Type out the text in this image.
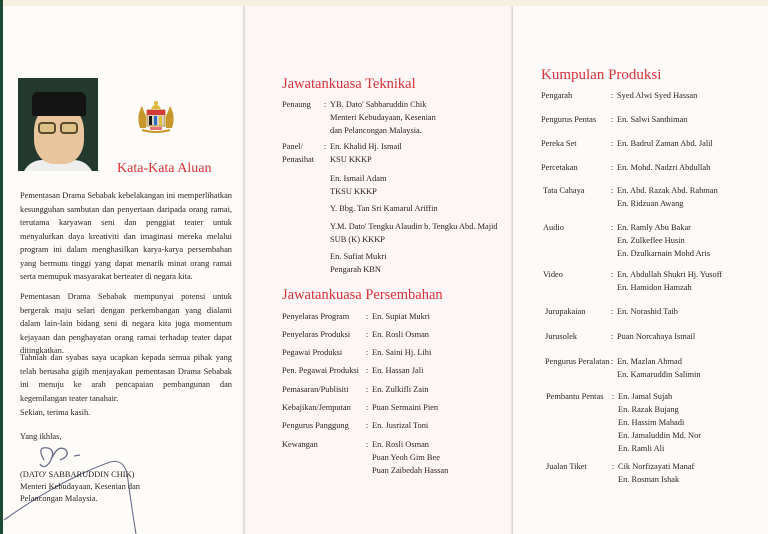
Kata-Kata Aluan
Pementasan Drama Sebabak kebelakangan ini memperlihatkan kesungguhan sambutan dan penyertaan daripada orang ramai, terutama karyawan seni dan penggiat teater untuk menyalurkan daya kreativiti dan imaginasi mereka melalui program ini dalam menghasilkan karya-karya persembahan yang bermutu tinggi yang dapat menarik minat orang ramai serta memupuk masyarakat berteater di negara kita.
Pementasan Drama Sebabak mempunyai potensi untuk bergerak maju selari dengan perkembangan yang dialami dalam lain-lain bidang seni di negara kita juga momentum kejayaan dan penghayatan orang ramai terhadap teater dapat ditingkatkan.
Tahniah dan syabas saya ucapkan kepada semua pihak yang telah berusaha gigih menjayakan pementasan Drama Sebabak ini menuju ke arah pencapaian pembangunan dan kegemilangan teater tanahair.
Sekian, terima kasih.
Yang ikhlas,
(DATO' SABBARUDDIN CHIK)
Menteri Kebudayaan, Kesenian dan
Pelancongan Malaysia.
Jawatankuasa Teknikal
Penaung	: YB. Dato' Sabbaruddin Chik
Menteri Kebudayaan, Kesenian
dan Pelancongan Malaysia.
Panel/
Penasihat
: En. Khalid Hj. Ismail
KSU KKKP
En. Ismail Adam
TKSU KKKP
Y. Bbg. Tan Sri Kamarul Ariffin
Y.M. Dato' Tengku Alaudin b. Tengku Abd. Majid
SUB (K) KKKP
En. Sufiat Mukri
Pengarah KBN
Jawatankuasa Persembahan
Penyelaras Program	: En. Supiat Mukri
Penyelaras Produksi	: En. Rosli Osman
Pegawai Produksi	: En. Saini Hj. Lihi
Pen. Pegawai Produksi : En. Hassan Jali
Pemasaran/Publisiti	: En. Zulkifli Zain
Kebajikan/Jemputan	: Puan Sermaini Pien
Pengurus Panggung	: En. Jusrizal Toni
Kewangan	: En. Rosli Osman
Puan Yeoh Gim Bee
Puan Zaibedah Hassan
Kumpulan Produksi
Pengarah	: Syed Alwi Syed Hassan
Pengurus Pentas	: En. Salwi Santhiman
Pereka Set	: En. Badrul Zaman Abd. Jalil
Percetakan	: En. Mohd. Nadzri Abdullah
Tata Cahaya	: En. Abd. Razak Abd. Rahman
En. Ridzuan Awang
Audio	: En. Ramly Abu Bakar
En. Zulkeflee Husin
En. Dzulkarnain Mohd Aris
Video	: En. Abdullah Shukri Hj. Yusoff
En. Hamidon Hamzah
Jurupakaian	: En. Norashid Taib
Jurusolek	: Puan Norcahaya Ismail
Pengurus Peralatan : En. Mazlan Ahmad
En. Kamaruddin Salimin
Pembantu Pentas : En. Jamal Sujah
En. Razak Bujang
En. Hassim Mahadi
En. Jamaluddin Md. Nor
En. Ramli Ali
Jualan Tiket	: Cik Norfizayati Manaf
En. Rosman Ishak
